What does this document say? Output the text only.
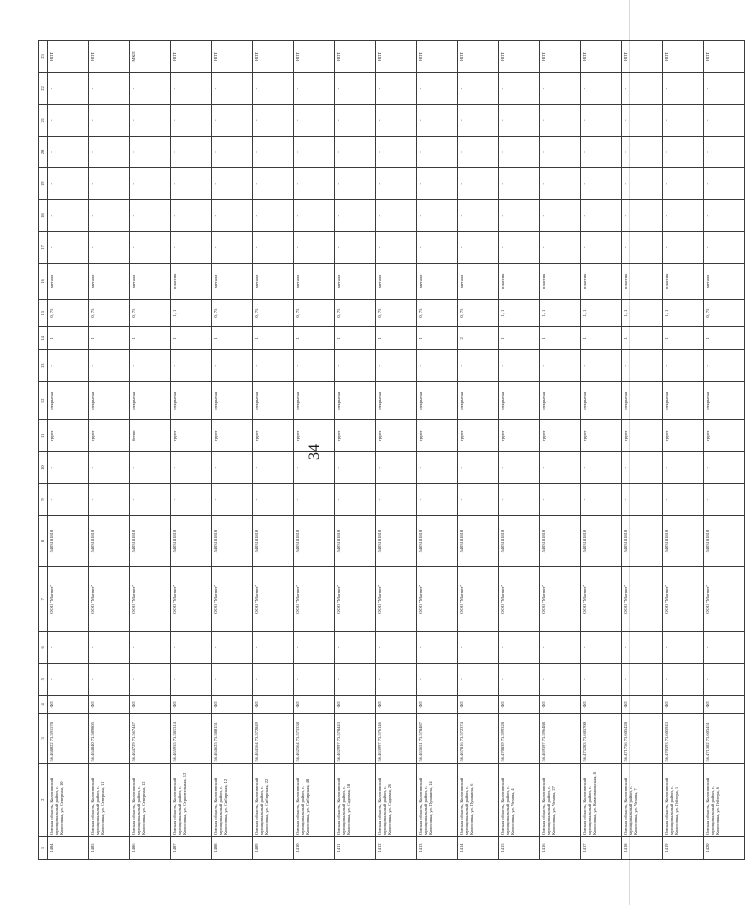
34
1	2	3	4	5	6	7	8	9	10	11	12	13	14	15	16	17	18	19	20	21	22	23
1404	Омская область, Колосовский муниципальный район, с. Колосовка, ул. Северная, 10	56.468022 73.591578	ФЛ	-	-	ООО "Магнит"	5403181810	-	-	грунт	открытая	-	1	0, 75	металл	-	-	-	-	-	-	НПТ
1405	Омская область, Колосовский муниципальный район, с. Колосовка, ул. Северная, 11	56.464840 73.589805	ФЛ	-	-	ООО "Магнит"	5403181810	-	-	грунт	открытая	-	1	0, 75	металл	-	-	-	-	-	-	НПТ
1406	Омская область, Колосовский муниципальный район, с. Колосовка, ул. Северная, 12	56.464729 73.567447	ФЛ	-	-	ООО "Магнит"	5403181810	-	-	бетон	открытая	-	1	0, 75	металл	-	-	-	-	-	-	МКП
1407	Омская область, Колосовский муниципальный район, с. Колосовка, ул. Строительная, 12	56.465955 73.581314	ФЛ	-	-	ООО "Магнит"	5403181810	-	-	грунт	открытая	-	1	1, 1	пластик	-	-	-	-	-	-	НПТ
1408	Омская область, Колосовский муниципальный район, с. Колосовка, ул. Сибирская, 12	56.464625 73.580151	ФЛ	-	-	ООО "Магнит"	5403181810	-	-	грунт	открытая	-	1	0, 75	металл	-	-	-	-	-	-	НПТ
1409	Омская область, Колосовский муниципальный район, с. Колосовка, ул. Сибирская, 22	56.464164 73.572849	ФЛ	-	-	ООО "Магнит"	5403181810	-	-	грунт	открытая	-	1	0, 75	металл	-	-	-	-	-	-	НПТ
1410	Омская область, Колосовский муниципальный район, с. Колосовка, ул. Сибирская, 48	56.462564 73.573338	ФЛ	-	-	ООО "Магнит"	5403181810	-	-	грунт	открытая	-	1	0, 75	металл	-	-	-	-	-	-	НПТ
1411	Омская область, Колосовский муниципальный район, с. Колосовка, ул. Садовая, 18	56.462997 73.578443	ФЛ	-	-	ООО "Магнит"	5403181810	-	-	грунт	открытая	-	1	0, 75	металл	-	-	-	-	-	-	НПТ
1412	Омская область, Колосовский муниципальный район, с. Колосовка, ул. Садовая, 26	56.463997 73.576146	ФЛ	-	-	ООО "Магнит"	5403181810	-	-	грунт	открытая	-	1	0, 75	металл	-	-	-	-	-	-	НПТ
1413	Омская область, Колосовский муниципальный район, с. Колосовка, ул. Пушкина, 14	56.463651 73.578487	ФЛ	-	-	ООО "Магнит"	5403181810	-	-	грунт	открытая	-	1	0, 75	металл	-	-	-	-	-	-	НПТ
1414	Омская область, Колосовский муниципальный район, с. Колосовка, ул. Пушкина, 6	56.467816 73.572374	ФЛ	-	-	ООО "Магнит"	5403181810	-	-	грунт	открытая	-	2	0, 75	металл	-	-	-	-	-	-	НПТ
1415	Омская область, Колосовский муниципальный район, с. Колосовка, ул. Чехова, 4	56.470839 73.599328	ФЛ	-	-	ООО "Магнит"	5403181810	-	-	грунт	открытая	-	1	1, 1	пластик	-	-	-	-	-	-	НПТ
1416	Омская область, Колосовский муниципальный район, с. Колосовка, ул. Чехова, 27	56.469597 73.596488	ФЛ	-	-	ООО "Магнит"	5403181810	-	-	грунт	открытая	-	1	1, 1	пластик	-	-	-	-	-	-	НПТ
1417	Омская область, Колосовский муниципальный район, с. Колосовка, ул. Комсомольская, 8	56.473283 73.605700	ФЛ	-	-	ООО "Магнит"	5403181810	-	-	грунт	открытая	-	1	1, 1	пластик	-	-	-	-	-	-	НПТ
1418	Омская область, Колосовский муниципальный район, с. Колосовка, ул. Чехова, 7	56.471756 73.605428	ФЛ	-	-	ООО "Магнит"	5403181810	-	-	грунт	открытая	-	1	1, 1	пластик	-	-	-	-	-	-	НПТ
1419	Омская область, Колосовский муниципальный район, с. Колосовка, ул. Гейзера, 1	56.470393 73.605943	ФЛ	-	-	ООО "Магнит"	5403181810	-	-	грунт	открытая	-	1	1, 1	пластик	-	-	-	-	-	-	НПТ
1420	Омская область, Колосовский муниципальный район, с. Колосовка, ул. Гейзера, 6	56.471382 73.603451	ФЛ	-	-	ООО "Магнит"	5403181810	-	-	грунт	открытая	-	1	0, 75	металл	-	-	-	-	-	-	НПТ
